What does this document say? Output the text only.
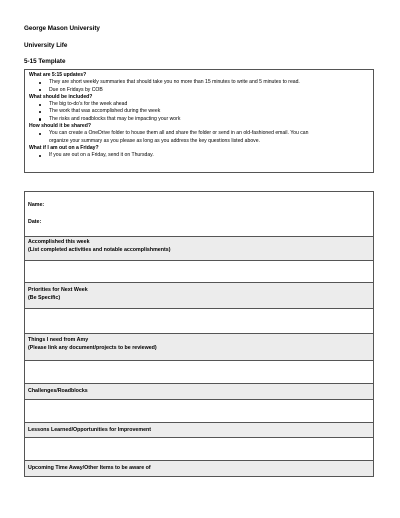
George Mason University
University Life
5-15 Template
What are 5:15 updates?
They are short weekly summaries that should take you no more than 15 minutes to write and 5 minutes to read.
Due on Fridays by COB
What should be included?
The big to-do's for the week ahead
The work that was accomplished during the week
The risks and roadblocks that may be impacting your work
How should it be shared?
You can create a OneDrive folder to house them all and share the folder or send in an old-fashioned email. You can
organize your summary as you please as long as you address the key questions listed above.
What if I am out on a Friday?
If you are out on a Friday, send it on Thursday.
Name:
Date:
Accomplished this week
(List completed activities and notable accomplishments)
Priorities for Next Week
(Be Specific)
Things I need from Amy
(Please link any document/projects to be reviewed)
Challenges/Roadblocks
Lessons Learned/Opportunities for Improvement
Upcoming Time Away/Other Items to be aware of
